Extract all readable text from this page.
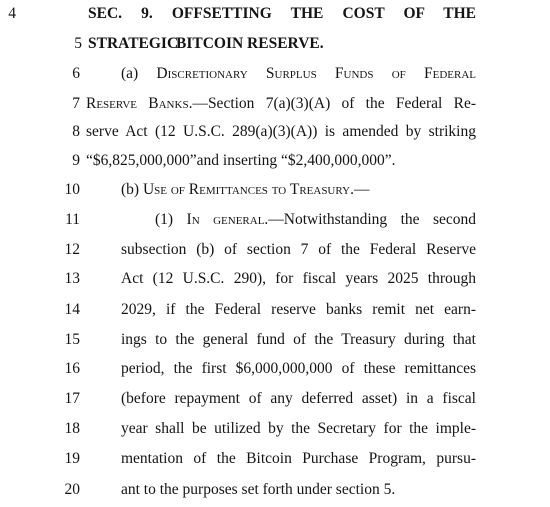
4	SEC. 9. OFFSETTING THE COST OF THE STRATEGIC
5	BITCOIN RESERVE.
6	(a) Discretionary Surplus Funds of Federal
7 Reserve Banks.—Section 7(a)(3)(A) of the Federal Re-
8 serve Act (12 U.S.C. 289(a)(3)(A)) is amended by striking
9 “$6,825,000,000”and inserting “$2,400,000,000”.
10	(b) Use of Remittances to Treasury.—
11	(1) In general.—Notwithstanding the second
12	subsection (b) of section 7 of the Federal Reserve
13	Act (12 U.S.C. 290), for fiscal years 2025 through
14	2029, if the Federal reserve banks remit net earn-
15	ings to the general fund of the Treasury during that
16	period, the first $6,000,000,000 of these remittances
17	(before repayment of any deferred asset) in a fiscal
18	year shall be utilized by the Secretary for the imple-
19	mentation of the Bitcoin Purchase Program, pursu-
20	ant to the purposes set forth under section 5.
